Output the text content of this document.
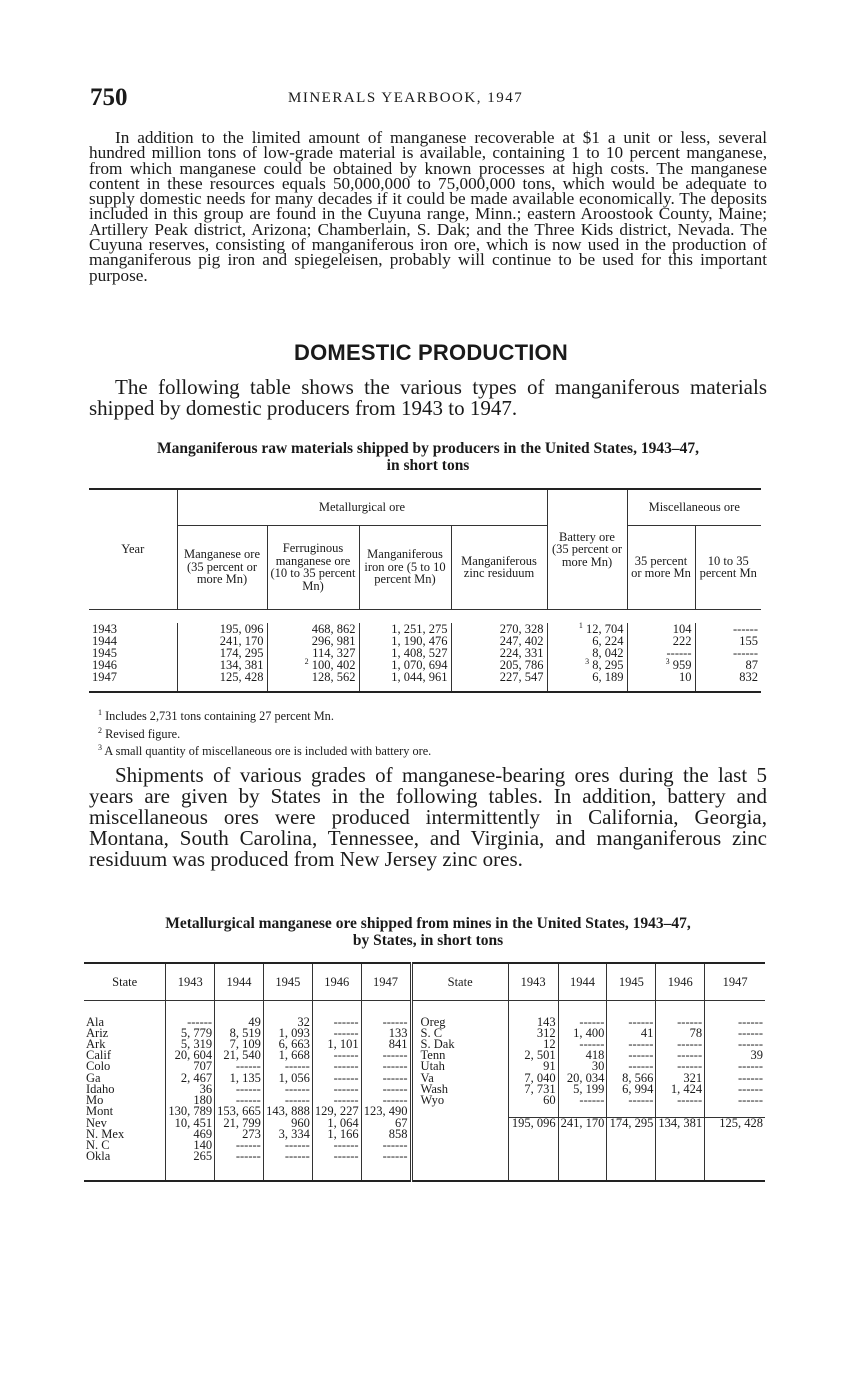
750	MINERALS YEARBOOK, 1947

In addition to the limited amount of manganese recoverable at $1 a unit or less, several hundred million tons of low-grade material is available, containing 1 to 10 percent manganese, from which manganese could be obtained by known processes at high costs. The manganese content in these resources equals 50,000,000 to 75,000,000 tons, which would be adequate to supply domestic needs for many decades if it could be made available economically. The deposits included in this group are found in the Cuyuna range, Minn.; eastern Aroostook County, Maine; Artillery Peak district, Arizona; Chamberlain, S. Dak; and the Three Kids district, Nevada. The Cuyuna reserves, consisting of manganiferous iron ore, which is now used in the production of manganiferous pig iron and spiegeleisen, probably will continue to be used for this important purpose.

DOMESTIC PRODUCTION

The following table shows the various types of manganiferous materials shipped by domestic producers from 1943 to 1947.

Manganiferous raw materials shipped by producers in the United States, 1943–47,
in short tons
Year	Metallurgical ore				Battery ore (35 percent or more Mn)	Miscellaneous ore	
	Manganese ore (35 percent or more Mn)	Ferruginous manganese ore (10 to 35 percent Mn)	Manganiferous iron ore (5 to 10 percent Mn)	Manganiferous zinc residuum		35 percent or more Mn	10 to 35 percent Mn

1943	195, 096	468, 862	1, 251, 275	270, 328	$^1$ 12, 704	104	------
1944	241, 170	296, 981	1, 190, 476	247, 402	6, 224	222	155
1945	174, 295	114, 327	1, 408, 527	224, 331	8, 042	------	------
1946	134, 381	$^2$ 100, 402	1, 070, 694	205, 786	$^3$ 8, 295	$^3$ 959	87
1947	125, 428	128, 562	1, 044, 961	227, 547	6, 189	10	832

$^1$ Includes 2,731 tons containing 27 percent Mn.
$^2$ Revised figure.
$^3$ A small quantity of miscellaneous ore is included with battery ore.

Shipments of various grades of manganese-bearing ores during the last 5 years are given by States in the following tables. In addition, battery and miscellaneous ores were produced intermittently in California, Georgia, Montana, South Carolina, Tennessee, and Virginia, and manganiferous zinc residuum was produced from New Jersey zinc ores.

Metallurgical manganese ore shipped from mines in the United States, 1943–47,
by States, in short tons
State	1943	1944	1945	1946	1947	State	1943	1944	1945	1946	1947

Ala	------	49	32	------	------	Oreg	143	------	------	------	------
Ariz	5, 779	8, 519	1, 093	------	133	S. C	312	1, 400	41	78	------
Ark	5, 319	7, 109	6, 663	1, 101	841	S. Dak	12	------	------	------	------
Calif	20, 604	21, 540	1, 668	------	------	Tenn	2, 501	418	------	------	39
Colo	707	------	------	------	------	Utah	91	30	------	------	------
Ga	2, 467	1, 135	1, 056	------	------	Va	7, 040	20, 034	8, 566	321	------
Idaho	36	------	------	------	------	Wash	7, 731	5, 199	6, 994	1, 424	------
Mo	180	------	------	------	------	Wyo	60	------	------	------	------
Mont	130, 789	153, 665	143, 888	129, 227	123, 490						
Nev	10, 451	21, 799	960	1, 064	67		195, 096	241, 170	174, 295	134, 381	125, 428
N. Mex	469	273	3, 334	1, 166	858						
N. C	140	------	------	------	------						
Okla	265	------	------	------	------						
